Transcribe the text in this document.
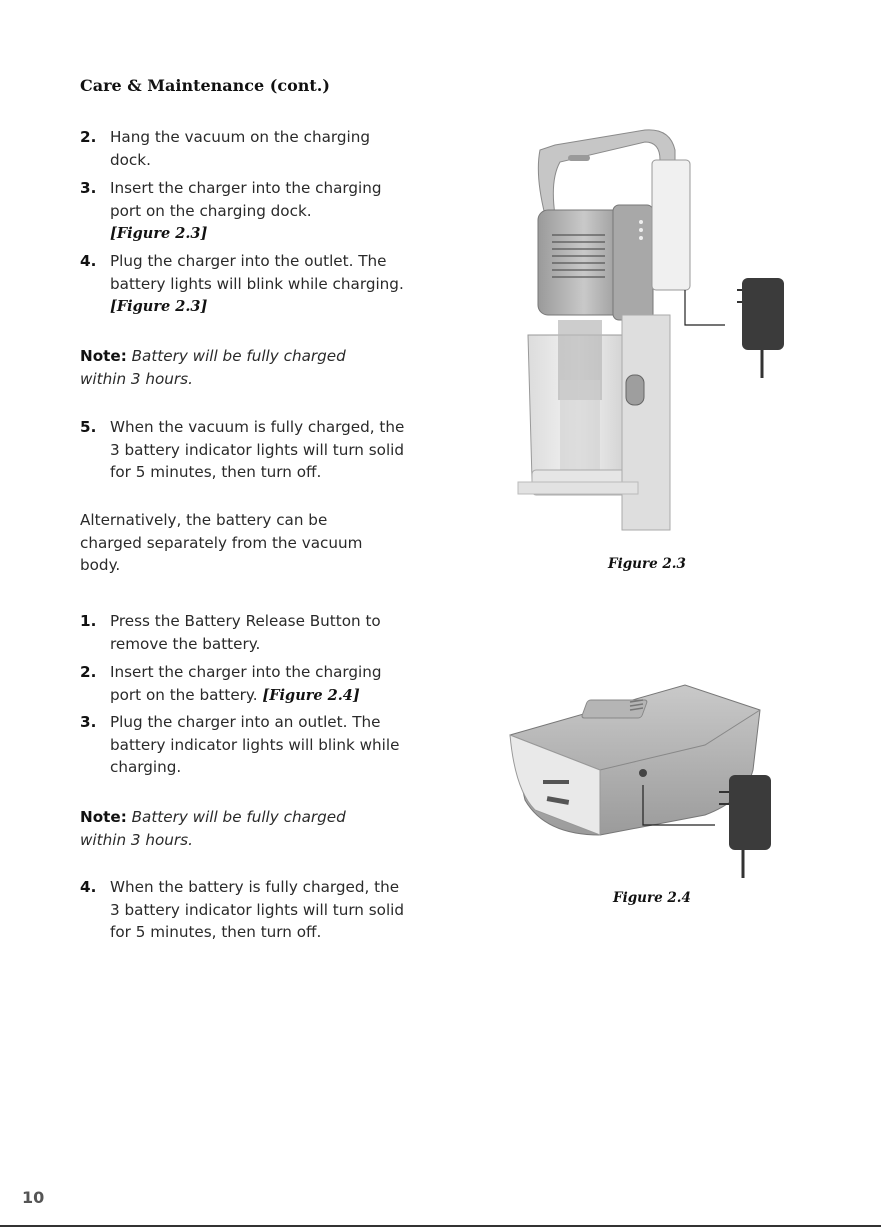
Care & Maintenance (cont.)
2. Hang the vacuum on the charging dock.
3. Insert the charger into the charging port on the charging dock.
[Figure 2.3]
4. Plug the charger into the outlet. The battery lights will blink while charging. [Figure 2.3]
Note: Battery will be fully charged within 3 hours.
5. When the vacuum is fully charged, the 3 battery indicator lights will turn solid for 5 minutes, then turn off.
Alternatively, the battery can be charged separately from the vacuum body.
1. Press the Battery Release Button to remove the battery.
2. Insert the charger into the charging port on the battery. [Figure 2.4]
3. Plug the charger into an outlet. The battery indicator lights will blink while charging.
Note: Battery will be fully charged within 3 hours.
4. When the battery is fully charged, the 3 battery indicator lights will turn solid for 5 minutes, then turn off.
Figure 2.3
Figure 2.4
10
